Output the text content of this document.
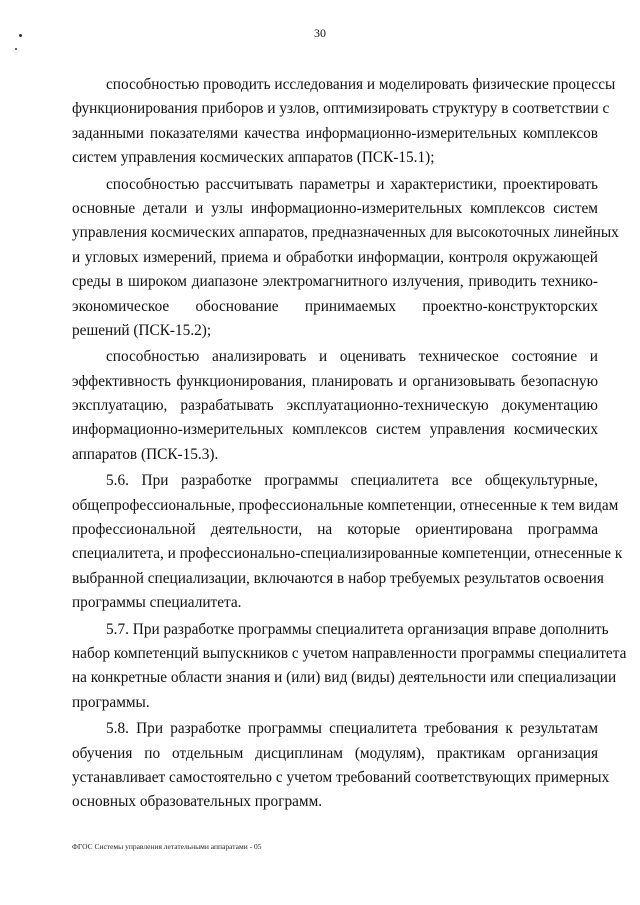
30
способностью проводить исследования и моделировать физические процессы
функционирования приборов и узлов, оптимизировать структуру в соответствии с
заданными показателями качества информационно-измерительных комплексов
систем управления космических аппаратов (ПСК-15.1);
способностью рассчитывать параметры и характеристики, проектировать
основные детали и узлы информационно-измерительных комплексов систем
управления космических аппаратов, предназначенных для высокоточных линейных
и угловых измерений, приема и обработки информации, контроля окружающей
среды в широком диапазоне электромагнитного излучения, приводить технико-
экономическое обоснование принимаемых проектно-конструкторских
решений (ПСК-15.2);
способностью анализировать и оценивать техническое состояние и
эффективность функционирования, планировать и организовывать безопасную
эксплуатацию, разрабатывать эксплуатационно-техническую документацию
информационно-измерительных комплексов систем управления космических
аппаратов (ПСК-15.3).
5.6. При разработке программы специалитета все общекультурные,
общепрофессиональные, профессиональные компетенции, отнесенные к тем видам
профессиональной деятельности, на которые ориентирована программа
специалитета, и профессионально-специализированные компетенции, отнесенные к
выбранной специализации, включаются в набор требуемых результатов освоения
программы специалитета.
5.7. При разработке программы специалитета организация вправе дополнить
набор компетенций выпускников с учетом направленности программы специалитета
на конкретные области знания и (или) вид (виды) деятельности или специализации
программы.
5.8. При разработке программы специалитета требования к результатам
обучения по отдельным дисциплинам (модулям), практикам организация
устанавливает самостоятельно с учетом требований соответствующих примерных
основных образовательных программ.
ФГОС Системы управления летательными аппаратами - 05
